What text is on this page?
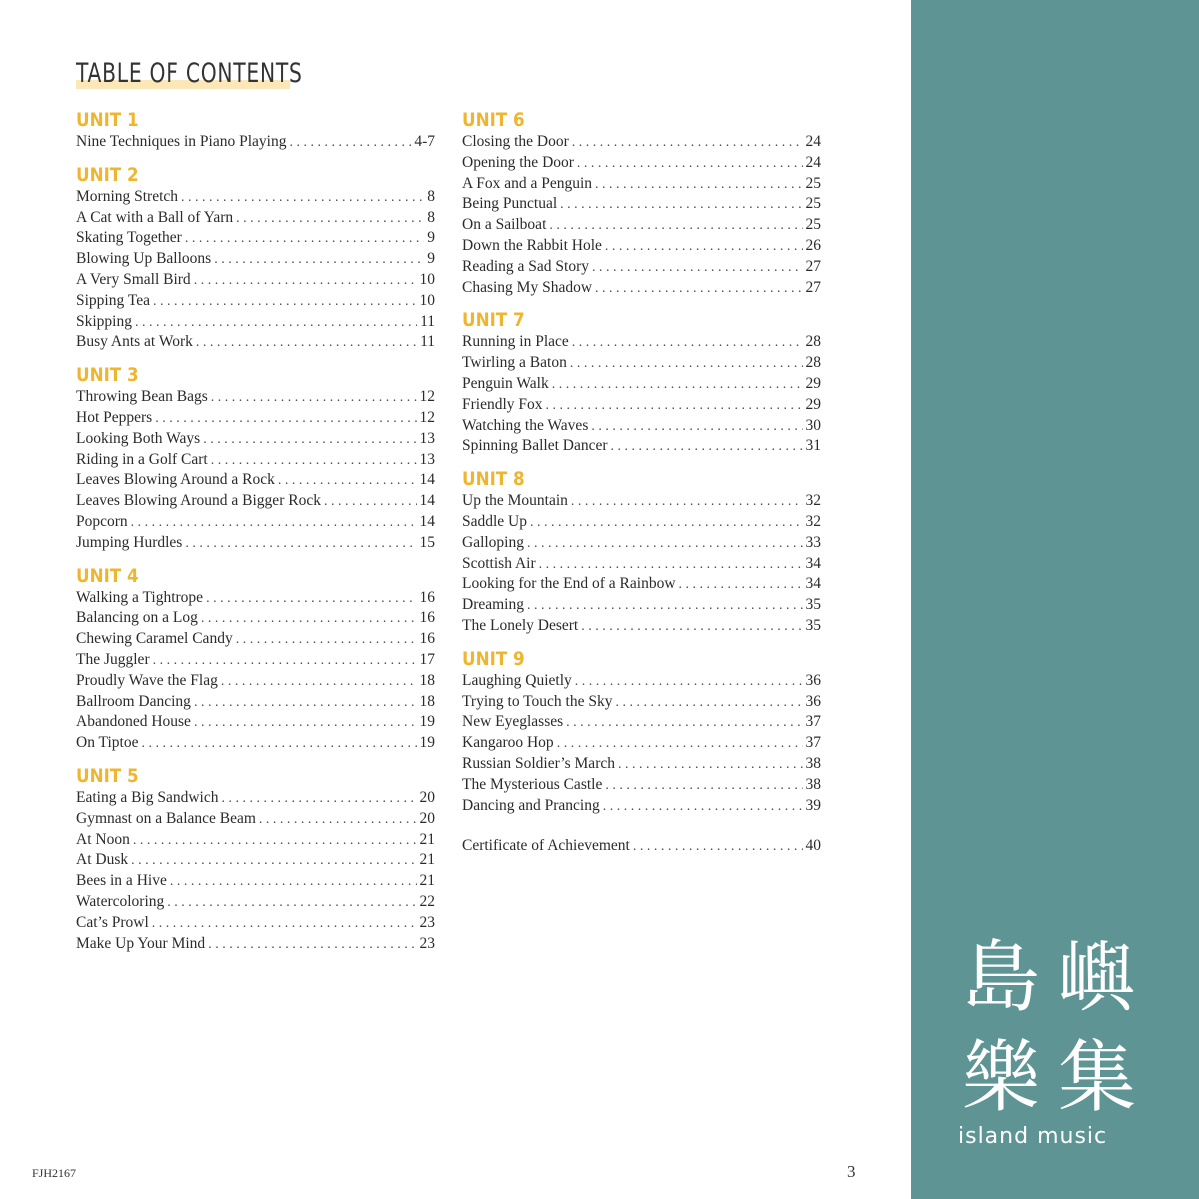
TABLE OF CONTENTS
UNIT 1
Nine Techniques in Piano Playing . . .	4-7
UNIT 2
Morning Stretch . . .	8
A Cat with a Ball of Yarn . . .	8
Skating Together . . .	9
Blowing Up Balloons . . .	9
A Very Small Bird . . .	10
Sipping Tea . . .	10
Skipping . . .	11
Busy Ants at Work . . .	11
UNIT 3
Throwing Bean Bags . . .	12
Hot Peppers . . .	12
Looking Both Ways . . .	13
Riding in a Golf Cart . . .	13
Leaves Blowing Around a Rock . . .	14
Leaves Blowing Around a Bigger Rock . . .	14
Popcorn . . .	14
Jumping Hurdles . . .	15
UNIT 4
Walking a Tightrope . . .	16
Balancing on a Log . . .	16
Chewing Caramel Candy . . .	16
The Juggler . . .	17
Proudly Wave the Flag . . .	18
Ballroom Dancing . . .	18
Abandoned House . . .	19
On Tiptoe . . .	19
UNIT 5
Eating a Big Sandwich . . .	20
Gymnast on a Balance Beam . . .	20
At Noon . . .	21
At Dusk . . .	21
Bees in a Hive . . .	21
Watercoloring . . .	22
Cat’s Prowl . . .	23
Make Up Your Mind . . .	23
UNIT 6
Closing the Door . . .	24
Opening the Door . . .	24
A Fox and a Penguin . . .	25
Being Punctual . . .	25
On a Sailboat . . .	25
Down the Rabbit Hole . . .	26
Reading a Sad Story . . .	27
Chasing My Shadow . . .	27
UNIT 7
Running in Place . . .	28
Twirling a Baton . . .	28
Penguin Walk . . .	29
Friendly Fox . . .	29
Watching the Waves . . .	30
Spinning Ballet Dancer . . .	31
UNIT 8
Up the Mountain . . .	32
Saddle Up . . .	32
Galloping . . .	33
Scottish Air . . .	34
Looking for the End of a Rainbow . . .	34
Dreaming . . .	35
The Lonely Desert . . .	35
UNIT 9
Laughing Quietly . . .	36
Trying to Touch the Sky . . .	36
New Eyeglasses . . .	37
Kangaroo Hop . . .	37
Russian Soldier’s March . . .	38
The Mysterious Castle . . .	38
Dancing and Prancing . . .	39
Certificate of Achievement . . .	40
FJH2167	3
島 嶼
樂 集
island music
